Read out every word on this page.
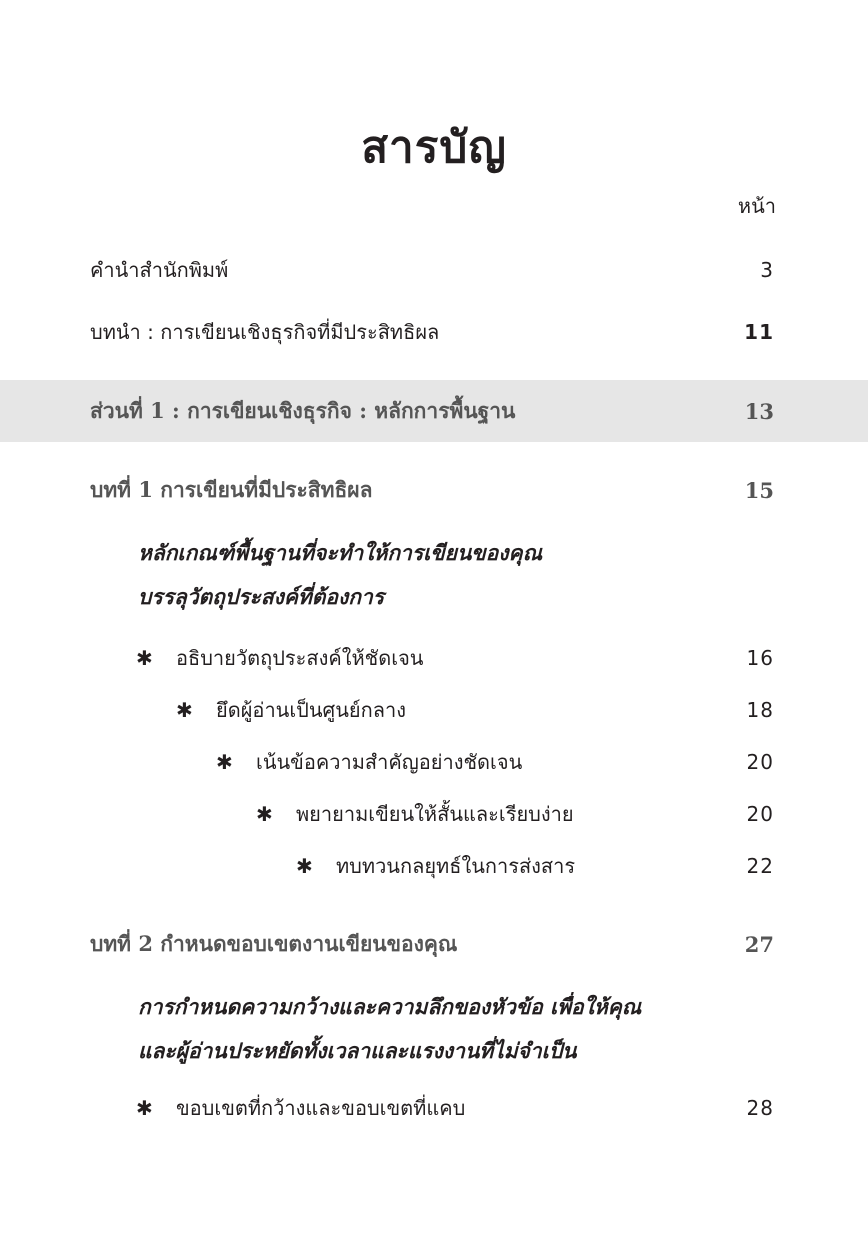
สารบัญ
หน้า
คำนำสำนักพิมพ์	3
บทนำ : การเขียนเชิงธุรกิจที่มีประสิทธิผล	11
ส่วนที่ 1 : การเขียนเชิงธุรกิจ : หลักการพื้นฐาน	13
บทที่ 1 การเขียนที่มีประสิทธิผล	15
หลักเกณฑ์พื้นฐานที่จะทำให้การเขียนของคุณ
บรรลุวัตถุประสงค์ที่ต้องการ
✱ อธิบายวัตถุประสงค์ให้ชัดเจน	16
✱ ยึดผู้อ่านเป็นศูนย์กลาง	18
✱ เน้นข้อความสำคัญอย่างชัดเจน	20
✱ พยายามเขียนให้สั้นและเรียบง่าย	20
✱ ทบทวนกลยุทธ์ในการส่งสาร	22
บทที่ 2 กำหนดขอบเขตงานเขียนของคุณ	27
การกำหนดความกว้างและความลึกของหัวข้อ เพื่อให้คุณ
และผู้อ่านประหยัดทั้งเวลาและแรงงานที่ไม่จำเป็น
✱ ขอบเขตที่กว้างและขอบเขตที่แคบ	28
